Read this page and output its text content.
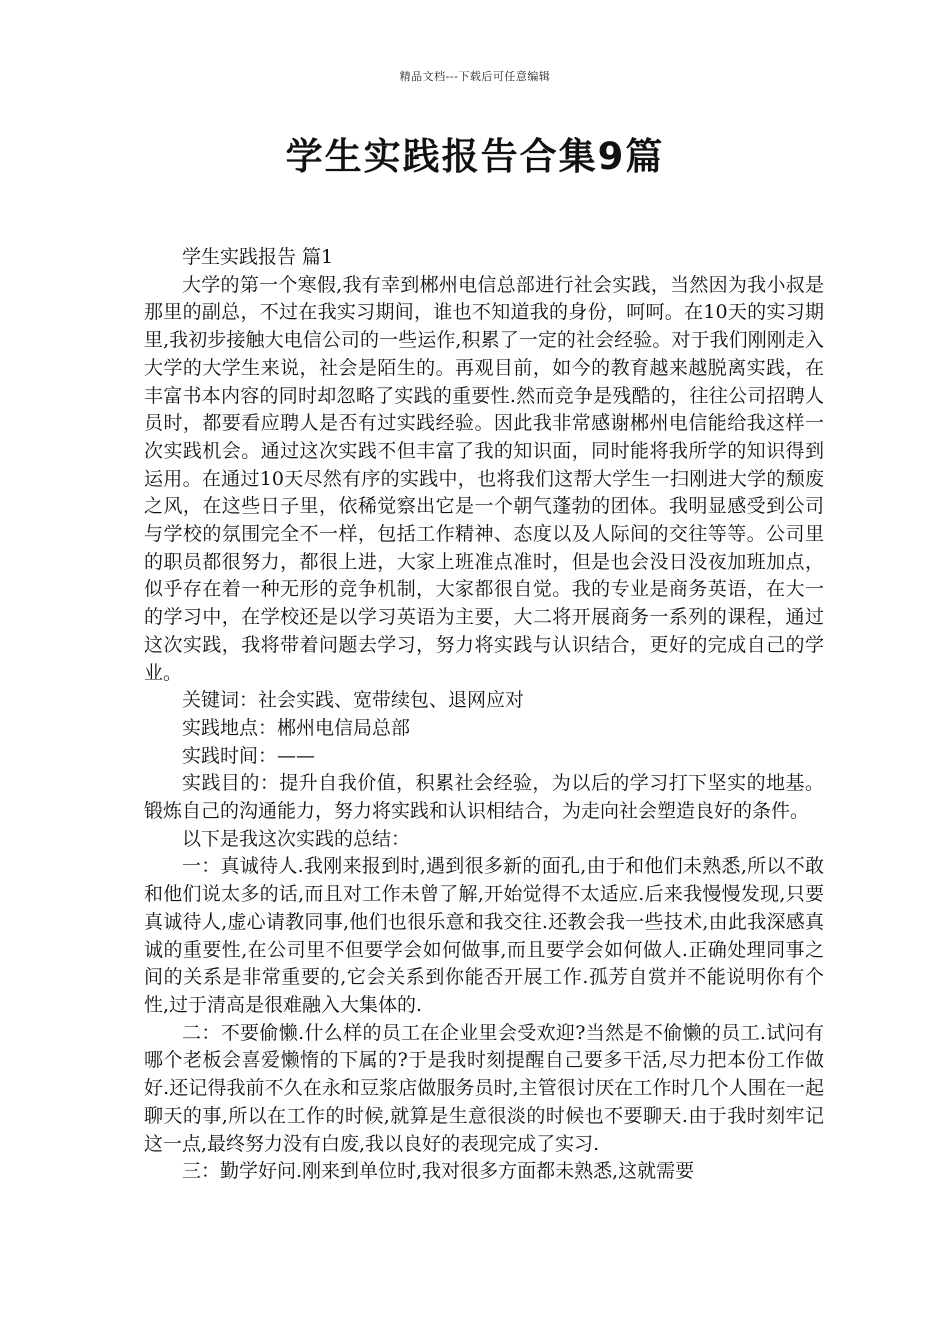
精品文档---下载后可任意编辑
学生实践报告合集9篇

学生实践报告 篇1

大学的第一个寒假,我有幸到郴州电信总部进行社会实践，当然因为我小叔是那里的副总，不过在我实习期间，谁也不知道我的身份，呵呵。在10天的实习期里,我初步接触大电信公司的一些运作,积累了一定的社会经验。对于我们刚刚走入大学的大学生来说，社会是陌生的。再观目前，如今的教育越来越脱离实践，在丰富书本内容的同时却忽略了实践的重要性.然而竞争是残酷的，往往公司招聘人员时，都要看应聘人是否有过实践经验。因此我非常感谢郴州电信能给我这样一次实践机会。通过这次实践不但丰富了我的知识面，同时能将我所学的知识得到运用。在通过10天尽然有序的实践中，也将我们这帮大学生一扫刚进大学的颓废之风，在这些日子里，依稀觉察出它是一个朝气蓬勃的团体。我明显感受到公司与学校的氛围完全不一样，包括工作精神、态度以及人际间的交往等等。公司里的职员都很努力，都很上进，大家上班准点准时，但是也会没日没夜加班加点，似乎存在着一种无形的竞争机制，大家都很自觉。我的专业是商务英语，在大一的学习中，在学校还是以学习英语为主要，大二将开展商务一系列的课程，通过这次实践，我将带着问题去学习，努力将实践与认识结合，更好的完成自己的学业。

关键词：社会实践、宽带续包、退网应对

实践地点：郴州电信局总部

实践时间：——

实践目的：提升自我价值，积累社会经验，为以后的学习打下坚实的地基。锻炼自己的沟通能力，努力将实践和认识相结合，为走向社会塑造良好的条件。

以下是我这次实践的总结：

一：真诚待人.我刚来报到时,遇到很多新的面孔,由于和他们未熟悉,所以不敢和他们说太多的话,而且对工作未曾了解,开始觉得不太适应.后来我慢慢发现,只要真诚待人,虚心请教同事,他们也很乐意和我交往.还教会我一些技术,由此我深感真诚的重要性,在公司里不但要学会如何做事,而且要学会如何做人.正确处理同事之间的关系是非常重要的,它会关系到你能否开展工作.孤芳自赏并不能说明你有个性,过于清高是很难融入大集体的.

二：不要偷懒.什么样的员工在企业里会受欢迎?当然是不偷懒的员工.试问有哪个老板会喜爱懒惰的下属的?于是我时刻提醒自己要多干活,尽力把本份工作做好.还记得我前不久在永和豆浆店做服务员时,主管很讨厌在工作时几个人围在一起聊天的事,所以在工作的时候,就算是生意很淡的时候也不要聊天.由于我时刻牢记这一点,最终努力没有白废,我以良好的表现完成了实习.

三：勤学好问.刚来到单位时,我对很多方面都未熟悉,这就需要
